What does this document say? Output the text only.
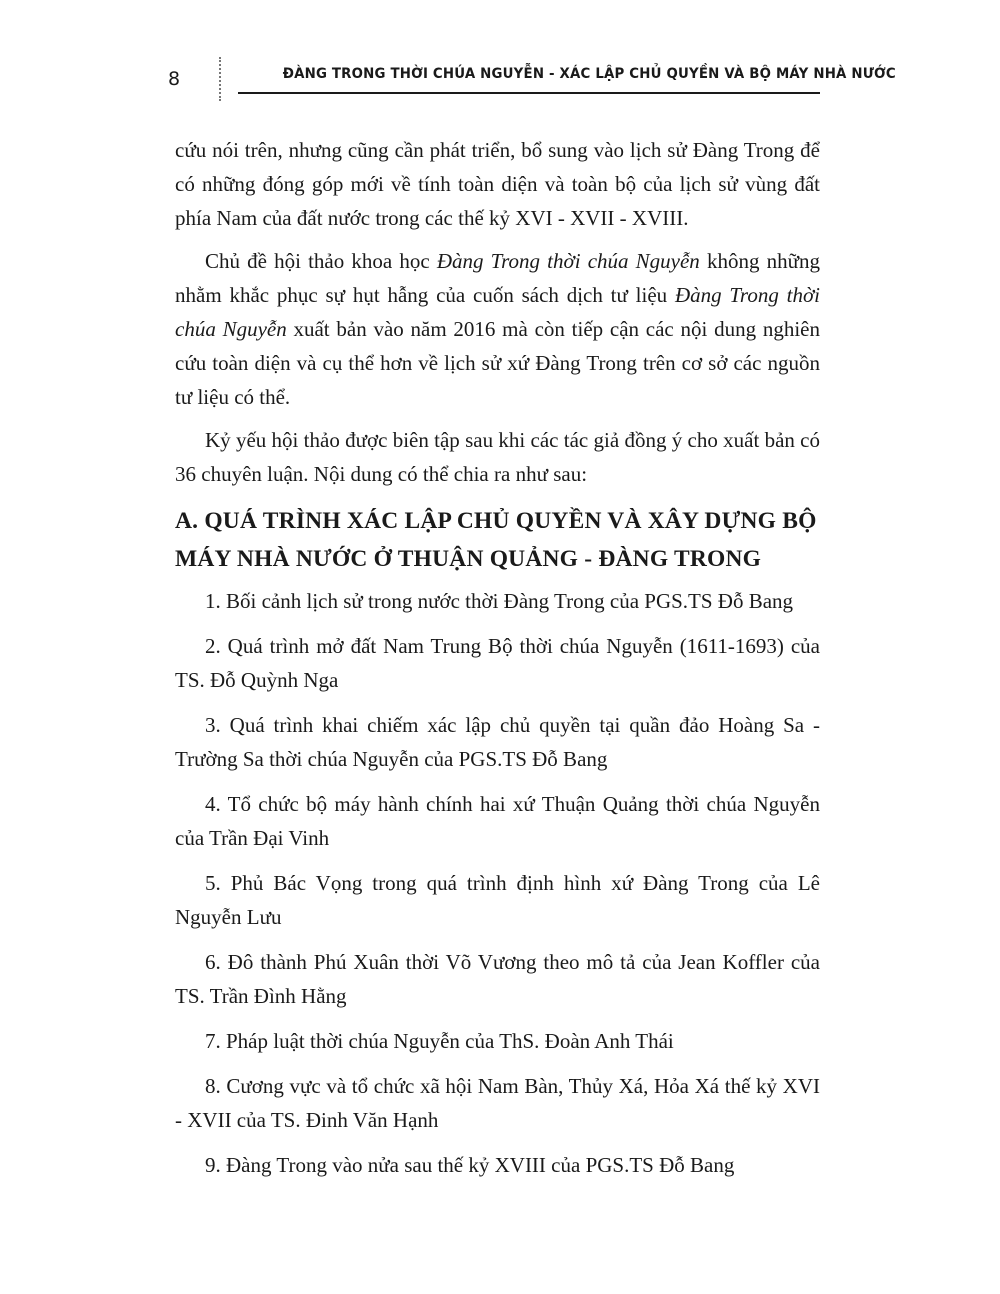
8	ĐÀNG TRONG THỜI CHÚA NGUYỄN - XÁC LẬP CHỦ QUYỀN VÀ BỘ MÁY NHÀ NƯỚC

cứu nói trên, nhưng cũng cần phát triển, bổ sung vào lịch sử Đàng Trong để có những đóng góp mới về tính toàn diện và toàn bộ của lịch sử vùng đất phía Nam của đất nước trong các thế kỷ XVI - XVII - XVIII.

Chủ đề hội thảo khoa học Đàng Trong thời chúa Nguyễn không những nhằm khắc phục sự hụt hẫng của cuốn sách dịch tư liệu Đàng Trong thời chúa Nguyễn xuất bản vào năm 2016 mà còn tiếp cận các nội dung nghiên cứu toàn diện và cụ thể hơn về lịch sử xứ Đàng Trong trên cơ sở các nguồn tư liệu có thể.

Kỷ yếu hội thảo được biên tập sau khi các tác giả đồng ý cho xuất bản có 36 chuyên luận. Nội dung có thể chia ra như sau:

A. QUÁ TRÌNH XÁC LẬP CHỦ QUYỀN VÀ XÂY DỰNG BỘ MÁY NHÀ NƯỚC Ở THUẬN QUẢNG - ĐÀNG TRONG

1. Bối cảnh lịch sử trong nước thời Đàng Trong của PGS.TS Đỗ Bang

2. Quá trình mở đất Nam Trung Bộ thời chúa Nguyễn (1611-1693) của TS. Đỗ Quỳnh Nga

3. Quá trình khai chiếm xác lập chủ quyền tại quần đảo Hoàng Sa - Trường Sa thời chúa Nguyễn của PGS.TS Đỗ Bang

4. Tổ chức bộ máy hành chính hai xứ Thuận Quảng thời chúa Nguyễn của Trần Đại Vinh

5. Phủ Bác Vọng trong quá trình định hình xứ Đàng Trong của Lê Nguyễn Lưu

6. Đô thành Phú Xuân thời Võ Vương theo mô tả của Jean Koffler của TS. Trần Đình Hằng

7. Pháp luật thời chúa Nguyễn của ThS. Đoàn Anh Thái

8. Cương vực và tổ chức xã hội Nam Bàn, Thủy Xá, Hỏa Xá thế kỷ XVI - XVII của TS. Đinh Văn Hạnh

9. Đàng Trong vào nửa sau thế kỷ XVIII của PGS.TS Đỗ Bang
